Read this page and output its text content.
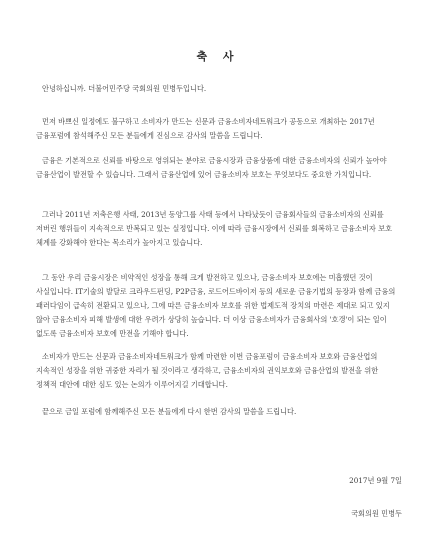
축 사
안녕하십니까. 더불어민주당 국회의원 민병두입니다.
먼저 바쁘신 일정에도 불구하고 소비자가 만드는 신문과 금융소비자네트워크가 공동으로 개최하는 2017년 금융포럼에 참석해주신 모든 분들에게 진심으로 감사의 말씀을 드립니다.
금융은 기본적으로 신뢰를 바탕으로 영위되는 분야로 금융시장과 금융상품에 대한 금융소비자의 신뢰가 높아야 금융산업이 발전할 수 있습니다. 그래서 금융산업에 있어 금융소비자 보호는 무엇보다도 중요한 가치입니다.
그러나 2011년 저축은행 사태, 2013년 동양그룹 사태 등에서 나타났듯이 금융회사들의 금융소비자의 신뢰를 저버린 행위들이 지속적으로 반복되고 있는 실정입니다. 이에 따라 금융시장에서 신뢰를 회복하고 금융소비자 보호 체계를 강화해야 한다는 목소리가 높아지고 있습니다.
그 동안 우리 금융시장은 비약적인 성장을 통해 크게 발전하고 있으나, 금융소비자 보호에는 미흡했던 것이 사실입니다. IT기술의 발달로 크라우드펀딩, P2P금융, 로드어드바이저 등의 새로운 금융기법의 등장과 함께 금융의 패러다임이 급속히 전환되고 있으나, 그에 따른 금융소비자 보호를 위한 법제도적 장치의 마련은 제대로 되고 있지 않아 금융소비자 피해 발생에 대한 우려가 상당히 높습니다. 더 이상 금융소비자가 금융회사의 '호갱'이 되는 일이 없도록 금융소비자 보호에 만전을 기해야 합니다.
소비자가 만드는 신문과 금융소비자네트워크가 함께 마련한 이번 금융포럼이 금융소비자 보호와 금융산업의 지속적인 성장을 위한 귀중한 자리가 될 것이라고 생각하고, 금융소비자의 권익보호와 금융산업의 발전을 위한 정책적 대안에 대한 심도 있는 논의가 이루어지길 기대합니다.
끝으로 금일 포럼에 함께해주신 모든 분들에게 다시 한번 감사의 말씀을 드립니다.
2017년 9월 7일
국회의원 민병두
